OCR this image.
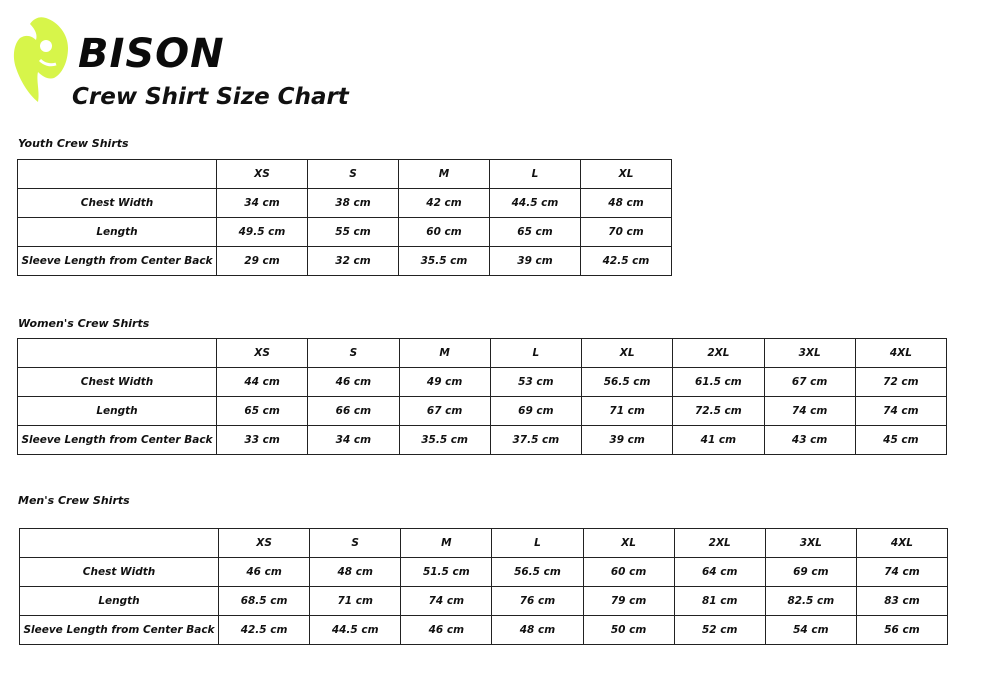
BISON
Crew Shirt Size Chart
Youth Crew Shirts
	XS	S	M	L	XL
Chest Width	34 cm	38 cm	42 cm	44.5 cm	48 cm
Length	49.5 cm	55 cm	60 cm	65 cm	70 cm
Sleeve Length from Center Back	29 cm	32 cm	35.5 cm	39 cm	42.5 cm
Women's Crew Shirts
	XS	S	M	L	XL	2XL	3XL	4XL
Chest Width	44 cm	46 cm	49 cm	53 cm	56.5 cm	61.5 cm	67 cm	72 cm
Length	65 cm	66 cm	67 cm	69 cm	71 cm	72.5 cm	74 cm	74 cm
Sleeve Length from Center Back	33 cm	34 cm	35.5 cm	37.5 cm	39 cm	41 cm	43 cm	45 cm
Men's Crew Shirts
	XS	S	M	L	XL	2XL	3XL	4XL
Chest Width	46 cm	48 cm	51.5 cm	56.5 cm	60 cm	64 cm	69 cm	74 cm
Length	68.5 cm	71 cm	74 cm	76 cm	79 cm	81 cm	82.5 cm	83 cm
Sleeve Length from Center Back	42.5 cm	44.5 cm	46 cm	48 cm	50 cm	52 cm	54 cm	56 cm
